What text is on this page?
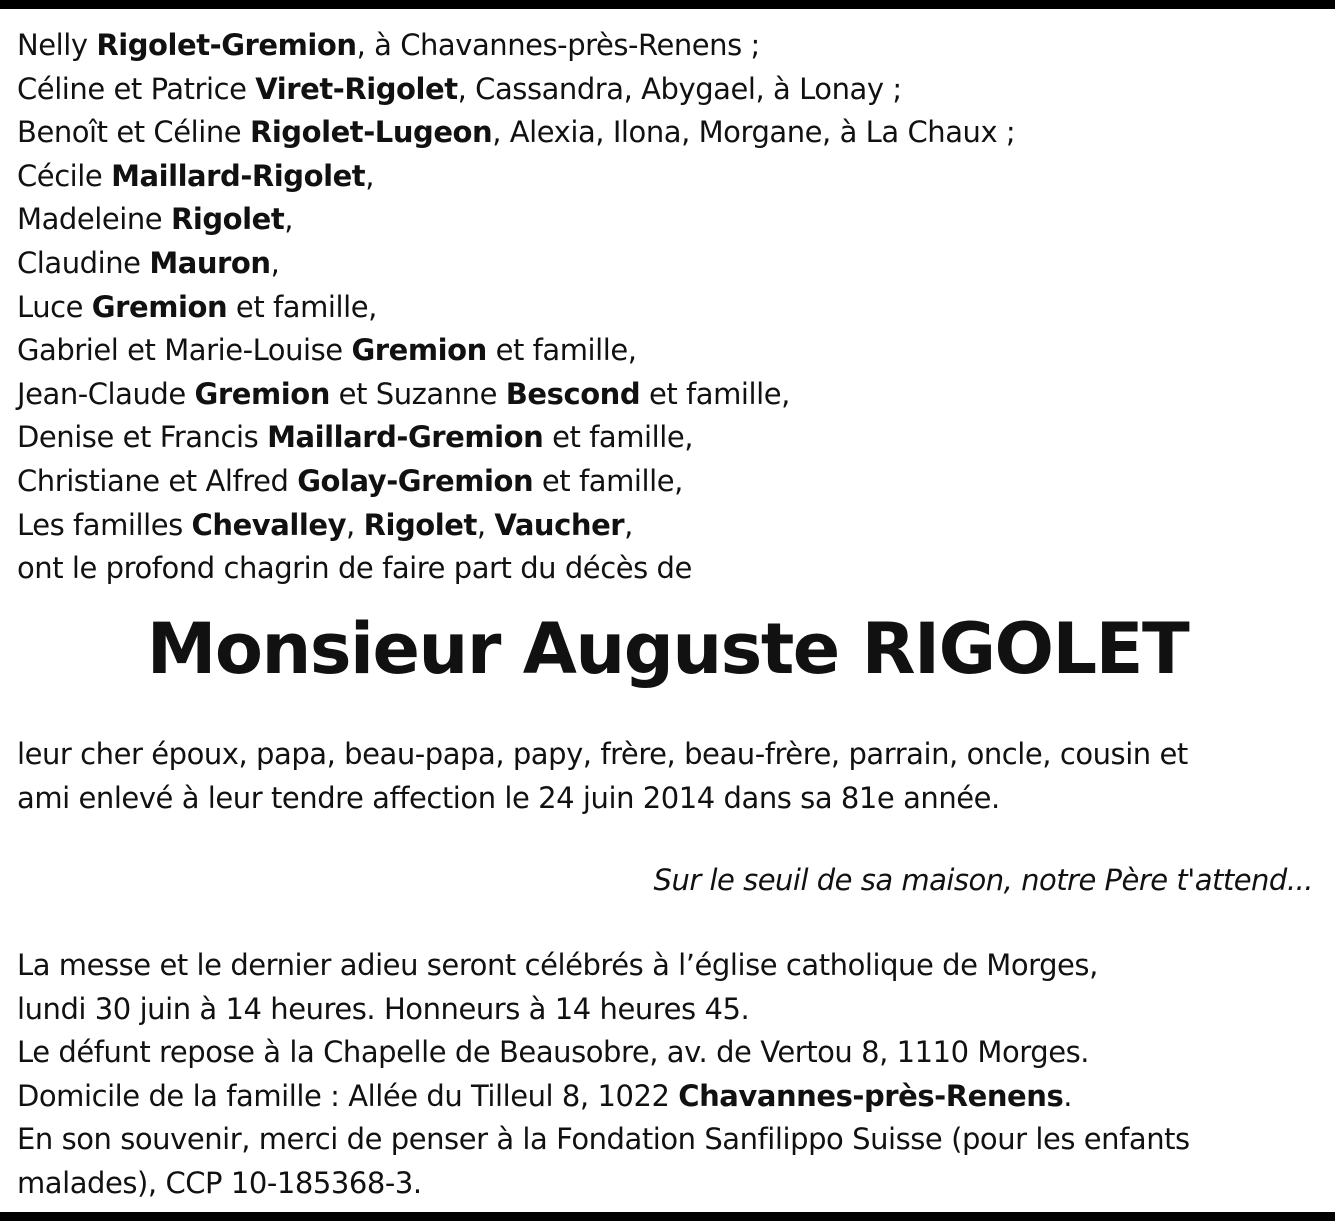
Nelly Rigolet-Gremion, à Chavannes-près-Renens ;
Céline et Patrice Viret-Rigolet, Cassandra, Abygael, à Lonay ;
Benoît et Céline Rigolet-Lugeon, Alexia, Ilona, Morgane, à La Chaux ;
Cécile Maillard-Rigolet,
Madeleine Rigolet,
Claudine Mauron,
Luce Gremion et famille,
Gabriel et Marie-Louise Gremion et famille,
Jean-Claude Gremion et Suzanne Bescond et famille,
Denise et Francis Maillard-Gremion et famille,
Christiane et Alfred Golay-Gremion et famille,
Les familles Chevalley, Rigolet, Vaucher,
ont le profond chagrin de faire part du décès de
Monsieur Auguste RIGOLET
leur cher époux, papa, beau-papa, papy, frère, beau-frère, parrain, oncle, cousin et
ami enlevé à leur tendre affection le 24 juin 2014 dans sa 81e année.
Sur le seuil de sa maison, notre Père t'attend...
La messe et le dernier adieu seront célébrés à l’église catholique de Morges,
lundi 30 juin à 14 heures. Honneurs à 14 heures 45.
Le défunt repose à la Chapelle de Beausobre, av. de Vertou 8, 1110 Morges.
Domicile de la famille : Allée du Tilleul 8, 1022 Chavannes-près-Renens.
En son souvenir, merci de penser à la Fondation Sanfilippo Suisse (pour les enfants
malades), CCP 10-185368-3.
